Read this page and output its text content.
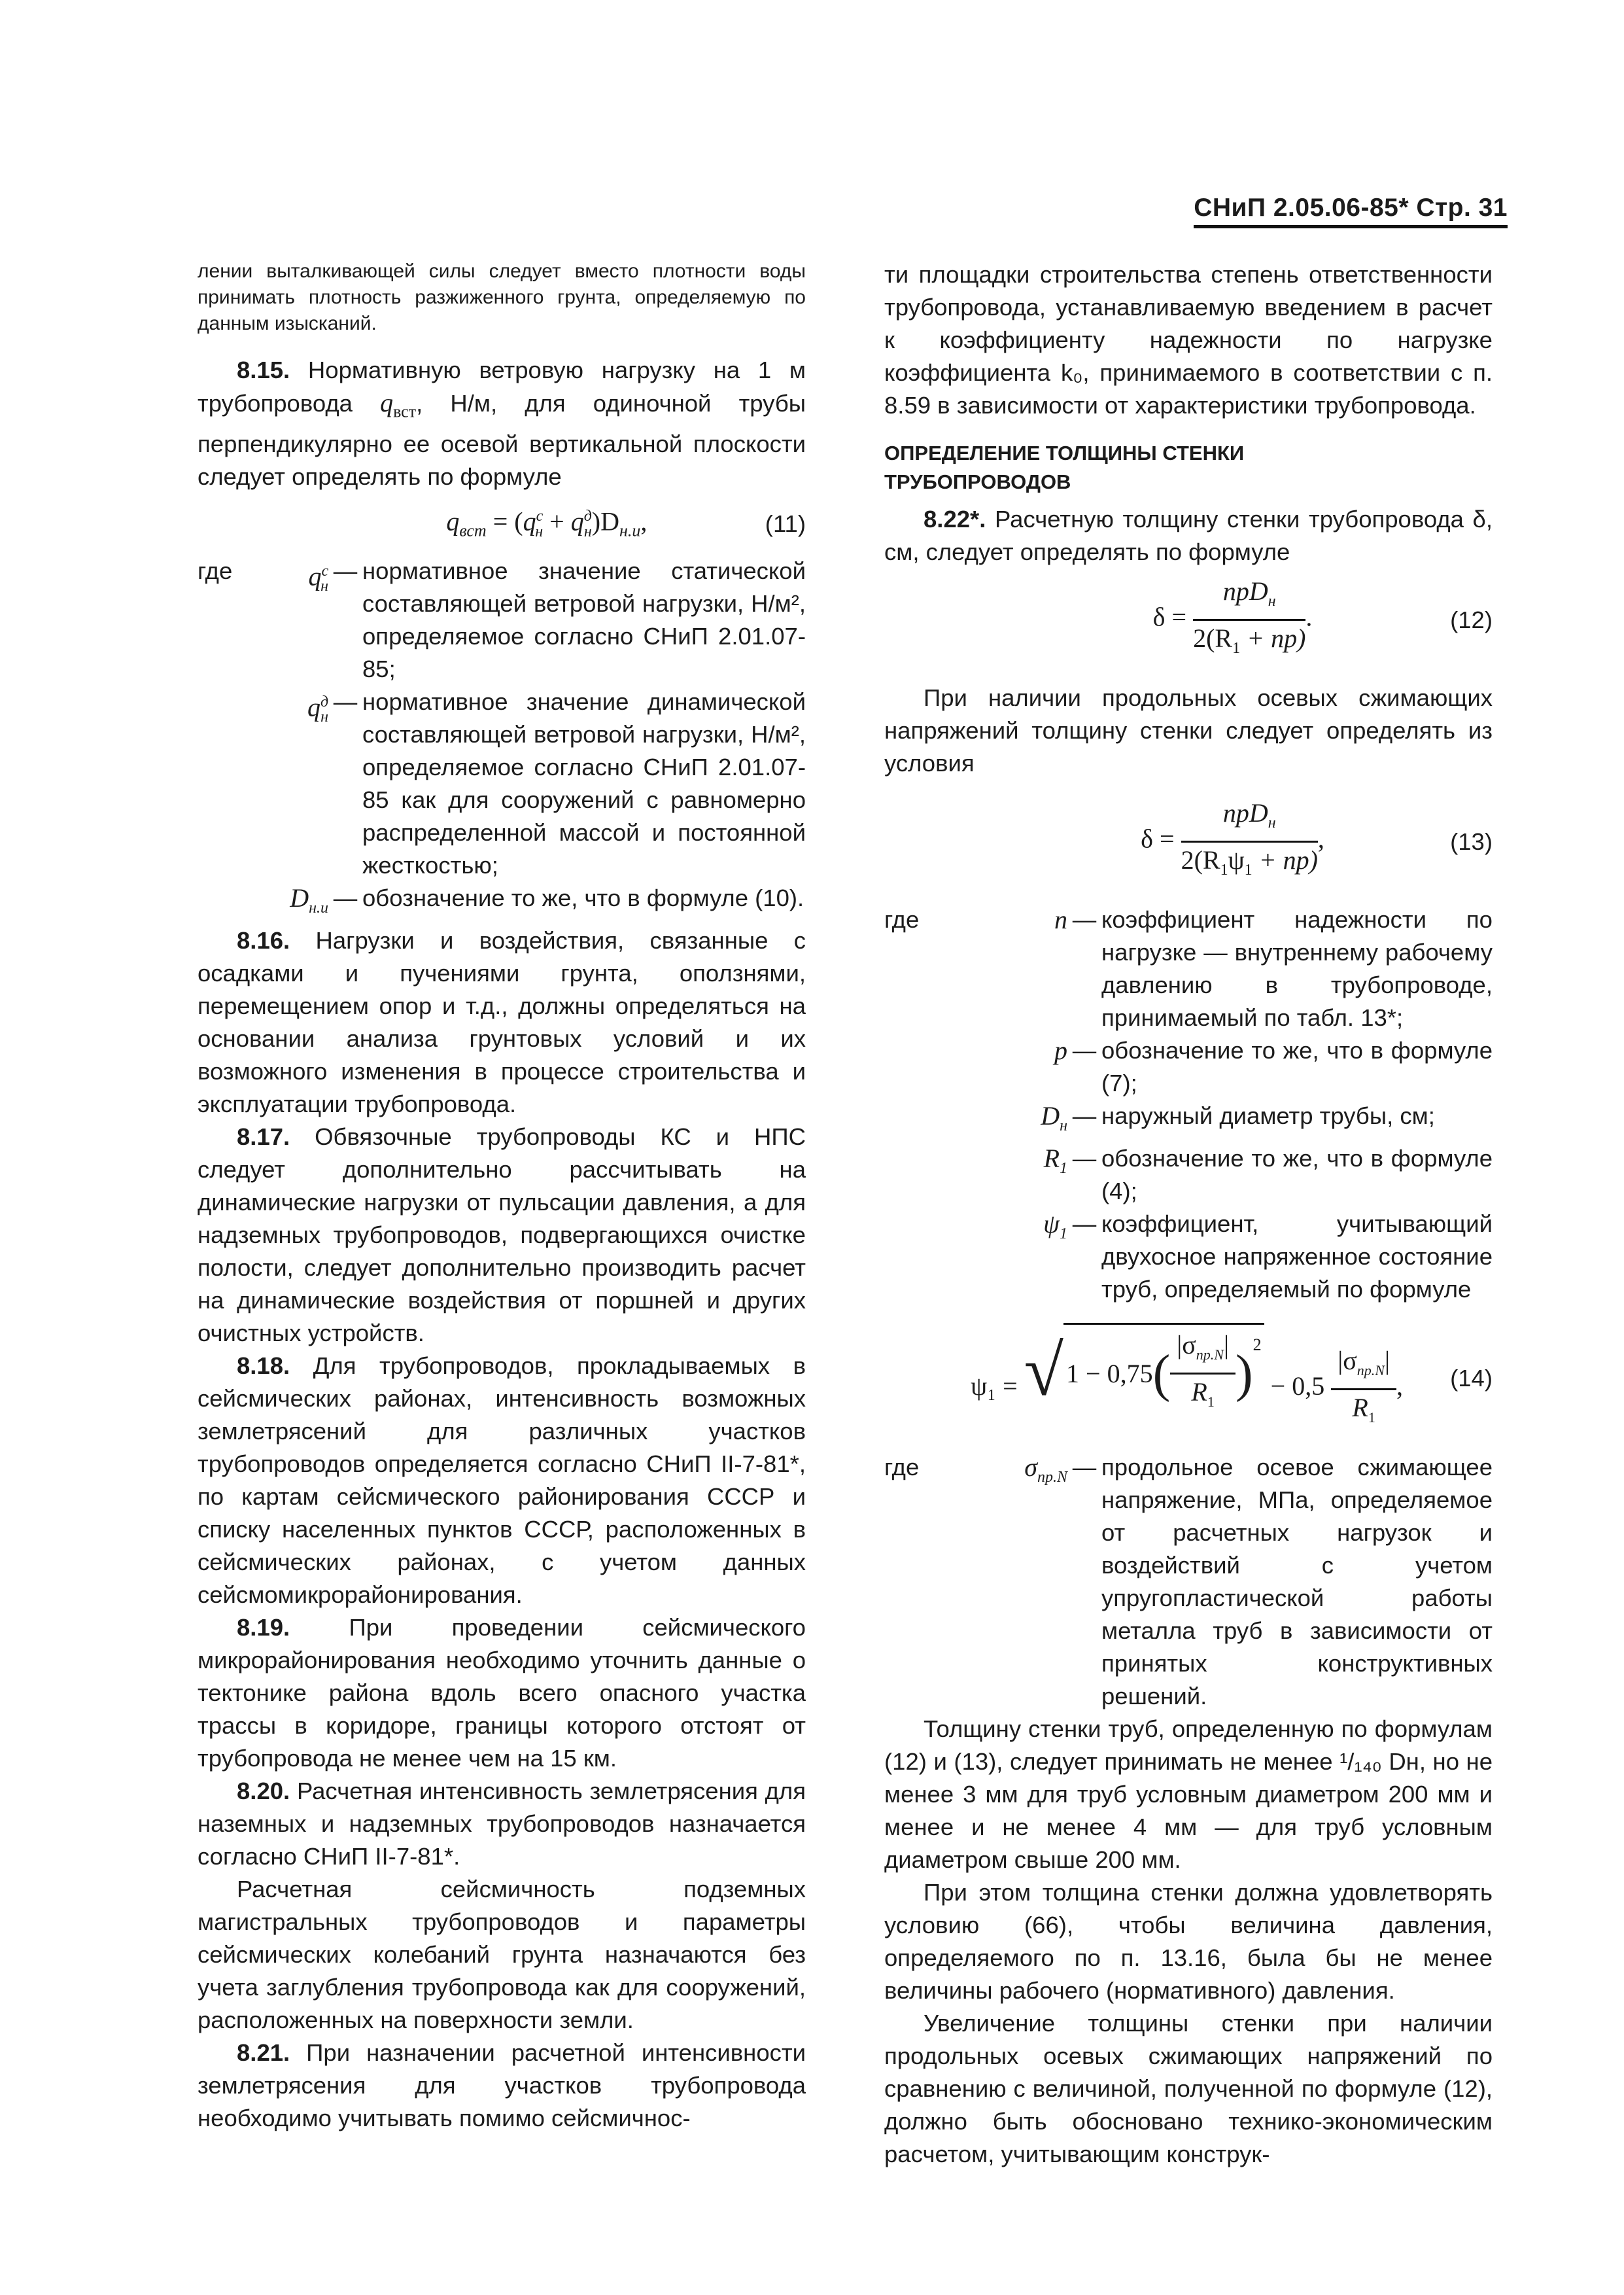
СНиП 2.05.06-85* Стр. 31

лении выталкивающей силы следует вместо плотности воды принимать плотность разжиженного грунта, определяемую по данным изысканий.

8.15. Нормативную ветровую нагрузку на 1 м трубопровода $q_{вст}$, Н/м, для одиночной трубы перпендикулярно ее осевой вертикальной плоскости следует определять по формуле

$q_{вст} = (q^с_н + q^д_н)D_{н.и}$,	(11)
где	$q^с_н$
— нормативное значение статической составляющей ветровой нагрузки, Н/м², определяемое согласно СНиП 2.01.07-85;
$q^д_н$
— нормативное значение динамической составляющей ветровой нагрузки, Н/м², определяемое согласно СНиП 2.01.07-85 как для сооружений с равномерно распределенной массой и постоянной жесткостью;
$D_{н.и}$ — обозначение то же, что в формуле (10).

8.16. Нагрузки и воздействия, связанные с осадками и пучениями грунта, оползнями, перемещением опор и т.д., должны определяться на основании анализа грунтовых условий и их возможного изменения в процессе строительства и эксплуатации трубопровода.

8.17. Обвязочные трубопроводы КС и НПС следует дополнительно рассчитывать на динамические нагрузки от пульсации давления, а для надземных трубопроводов, подвергающихся очистке полости, следует дополнительно производить расчет на динамические воздействия от поршней и других очистных устройств.

8.18. Для трубопроводов, прокладываемых в сейсмических районах, интенсивность возможных землетрясений для различных участков трубопроводов определяется согласно СНиП II-7-81*, по картам сейсмического районирования СССР и списку населенных пунктов СССР, расположенных в сейсмических районах, с учетом данных сейсмомикрорайонирования.

8.19. При проведении сейсмического микрорайонирования необходимо уточнить данные о тектонике района вдоль всего опасного участка трассы в коридоре, границы которого отстоят от трубопровода не менее чем на 15 км.

8.20. Расчетная интенсивность землетрясения для наземных и надземных трубопроводов назначается согласно СНиП II-7-81*.

Расчетная сейсмичность подземных магистральных трубопроводов и параметры сейсмических колебаний грунта назначаются без учета заглубления трубопровода как для сооружений, расположенных на поверхности земли.

8.21. При назначении расчетной интенсивности землетрясения для участков трубопровода необходимо учитывать помимо сейсмичнос-

ти площадки строительства степень ответственности трубопровода, устанавливаемую введением в расчет к коэффициенту надежности по нагрузке коэффициента k₀, принимаемого в соответствии с п. 8.59 в зависимости от характеристики трубопровода.

ОПРЕДЕЛЕНИЕ ТОЛЩИНЫ СТЕНКИ

ТРУБОПРОВОДОВ

8.22*. Расчетную толщину стенки трубопровода δ, см, следует определять по формуле

$\delta = \frac{npD_н}{2(R_1 + np)}$ .	(12)

При наличии продольных осевых сжимающих напряжений толщину стенки следует определять из условия

$\delta = \frac{npD_н}{2(R_1\psi_1 + np)}$ ,	(13)
где	n — коэффициент надежности по нагрузке — внутреннему рабочему давлению в трубопроводе, принимаемый по табл. 13*;
p — обозначение то же, что в формуле (7);
$D_н$ — наружный диаметр трубы, см;
$R_1$ — обозначение то же, что в формуле (4);
$\psi_1$ — коэффициент, учитывающий двухосное напряженное состояние труб, определяемый по формуле
ψ₁ = √ 1 − 0,75 ( $\frac{|\sigma_{пр.N}|}{R_1} )^2$
− $0,5 \frac{|\sigma_{пр.N}|}{R_1}$ ,	(14)
где	$\sigma_{пр.N}$ — продольное осевое сжимающее напряжение, МПа, определяемое от расчетных нагрузок и воздействий с учетом упругопластической работы металла труб в зависимости от принятых конструктивных решений.

Толщину стенки труб, определенную по формулам (12) и (13), следует принимать не менее ¹/₁₄₀ Dн, но не менее 3 мм для труб условным диаметром 200 мм и менее и не менее 4 мм — для труб условным диаметром свыше 200 мм.

При этом толщина стенки должна удовлетворять условию (66), чтобы величина давления, определяемого по п. 13.16, была бы не менее величины рабочего (нормативного) давления.

Увеличение толщины стенки при наличии продольных осевых сжимающих напряжений по сравнению с величиной, полученной по формуле (12), должно быть обосновано технико-экономическим расчетом, учитывающим конструк-
